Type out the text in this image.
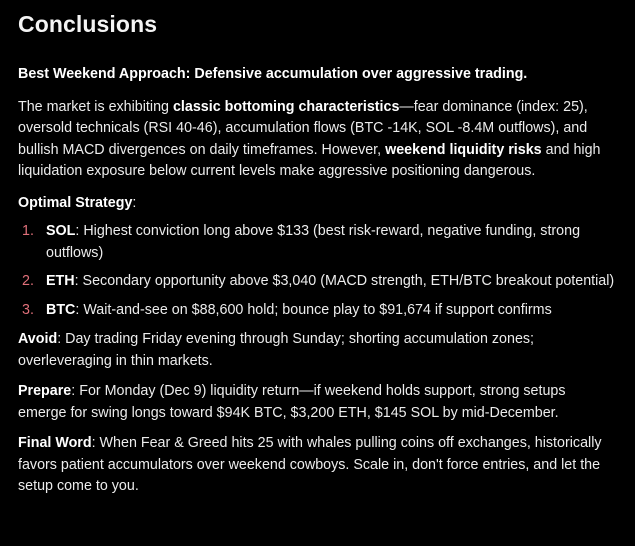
Conclusions

Best Weekend Approach: Defensive accumulation over aggressive trading.

The market is exhibiting classic bottoming characteristics—fear dominance (index: 25), oversold technicals (RSI 40-46), accumulation flows (BTC -14K, SOL -8.4M outflows), and bullish MACD divergences on daily timeframes. However, weekend liquidity risks and high liquidation exposure below current levels make aggressive positioning dangerous.

Optimal Strategy:

1. SOL: Highest conviction long above $133 (best risk-reward, negative funding, strong outflows)
2. ETH: Secondary opportunity above $3,040 (MACD strength, ETH/BTC breakout potential)
3. BTC: Wait-and-see on $88,600 hold; bounce play to $91,674 if support confirms

Avoid: Day trading Friday evening through Sunday; shorting accumulation zones; overleveraging in thin markets.

Prepare: For Monday (Dec 9) liquidity return—if weekend holds support, strong setups emerge for swing longs toward $94K BTC, $3,200 ETH, $145 SOL by mid-December.

Final Word: When Fear & Greed hits 25 with whales pulling coins off exchanges, historically favors patient accumulators over weekend cowboys. Scale in, don't force entries, and let the setup come to you.
